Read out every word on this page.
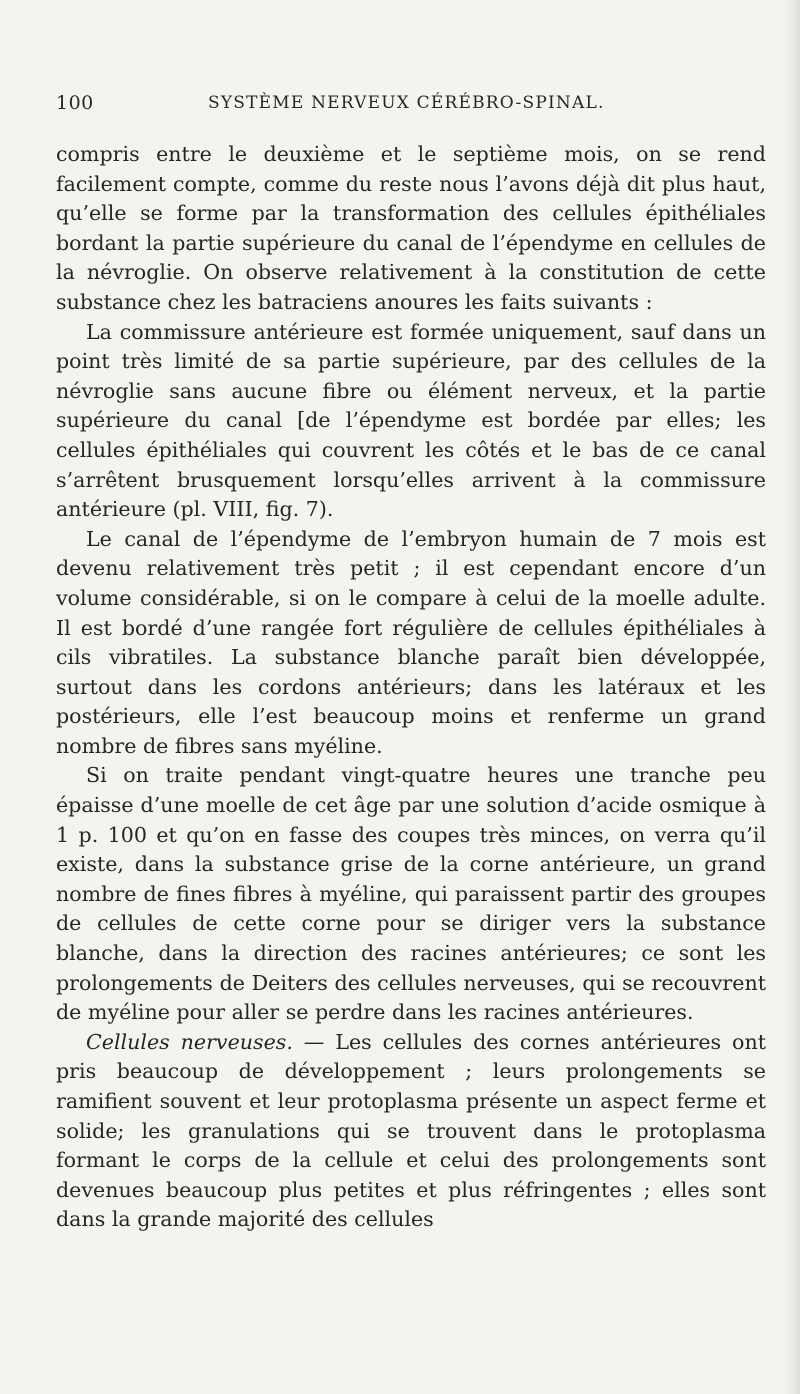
100	SYSTÈME NERVEUX CÉRÉBRO-SPINAL.

compris entre le deuxième et le septième mois, on se rend facilement compte, comme du reste nous l’avons déjà dit plus haut, qu’elle se forme par la transformation des cellules épithéliales bordant la partie supérieure du canal de l’épendyme en cellules de la névroglie. On observe relativement à la constitution de cette substance chez les batraciens anoures les faits suivants :

La commissure antérieure est formée uniquement, sauf dans un point très limité de sa partie supérieure, par des cellules de la névroglie sans aucune fibre ou élément nerveux, et la partie supérieure du canal [de l’épendyme est bordée par elles; les cellules épithéliales qui couvrent les côtés et le bas de ce canal s’arrêtent brusquement lorsqu’elles arrivent à la commissure antérieure (pl. VIII, fig. 7).

Le canal de l’épendyme de l’embryon humain de 7 mois est devenu relativement très petit ; il est cependant encore d’un volume considérable, si on le compare à celui de la moelle adulte. Il est bordé d’une rangée fort régulière de cellules épithéliales à cils vibratiles. La substance blanche paraît bien développée, surtout dans les cordons antérieurs; dans les latéraux et les postérieurs, elle l’est beaucoup moins et renferme un grand nombre de fibres sans myéline.

Si on traite pendant vingt-quatre heures une tranche peu épaisse d’une moelle de cet âge par une solution d’acide osmique à 1 p. 100 et qu’on en fasse des coupes très minces, on verra qu’il existe, dans la substance grise de la corne antérieure, un grand nombre de fines fibres à myéline, qui paraissent partir des groupes de cellules de cette corne pour se diriger vers la substance blanche, dans la direction des racines antérieures; ce sont les prolongements de Deiters des cellules nerveuses, qui se recouvrent de myéline pour aller se perdre dans les racines antérieures.

Cellules nerveuses. — Les cellules des cornes antérieures ont pris beaucoup de développement ; leurs prolongements se ramifient souvent et leur protoplasma présente un aspect ferme et solide; les granulations qui se trouvent dans le protoplasma formant le corps de la cellule et celui des prolongements sont devenues beaucoup plus petites et plus réfringentes ; elles sont dans la grande majorité des cellules
